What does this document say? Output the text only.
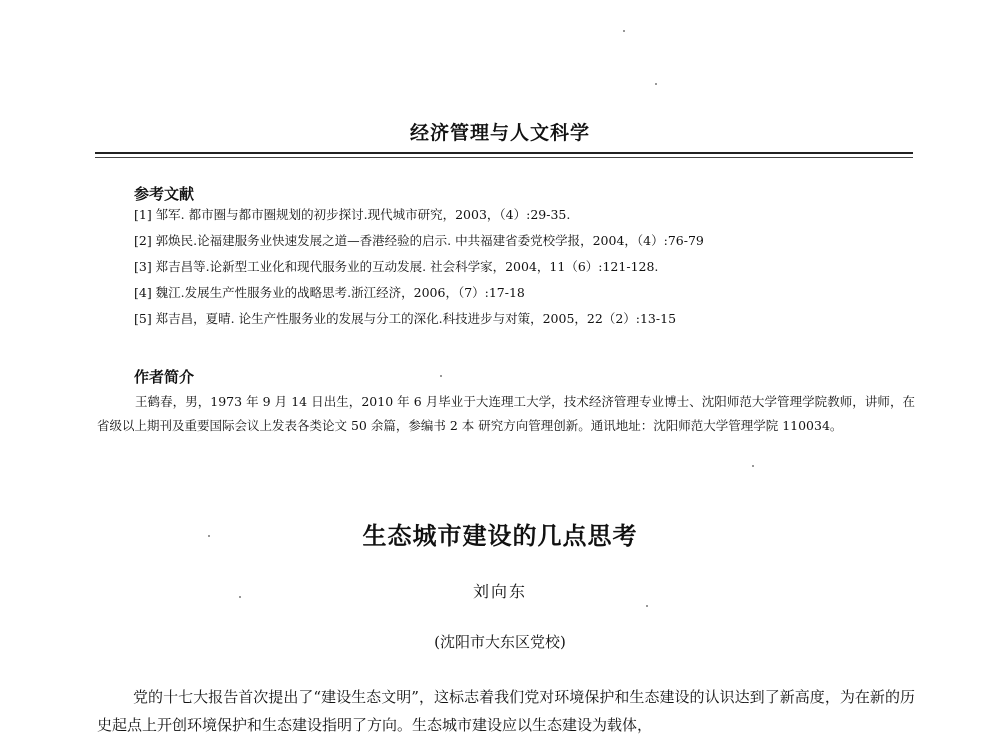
经济管理与人文科学
参考文献
[1] 邹军. 都市圈与都市圈规划的初步探讨.现代城市研究，2003，（4）:29-35.
[2] 郭焕民.论福建服务业快速发展之道—香港经验的启示. 中共福建省委党校学报，2004，（4）:76-79
[3] 郑吉昌等.论新型工业化和现代服务业的互动发展. 社会科学家，2004，11（6）:121-128.
[4] 魏江.发展生产性服务业的战略思考.浙江经济，2006，（7）:17-18
[5] 郑吉昌，夏晴. 论生产性服务业的发展与分工的深化.科技进步与对策，2005，22（2）:13-15
作者简介

王鹤春，男，1973 年 9 月 14 日出生，2010 年 6 月毕业于大连理工大学，技术经济管理专业博士、沈阳师范大学管理学院教师，讲师，在省级以上期刊及重要国际会议上发表各类论文 50 余篇，参编书 2 本 研究方向管理创新。通讯地址：沈阳师范大学管理学院 110034。

生态城市建设的几点思考
刘向东
(沈阳市大东区党校)

党的十七大报告首次提出了“建设生态文明”，这标志着我们党对环境保护和生态建设的认识达到了新高度，为在新的历史起点上开创环境保护和生态建设指明了方向。生态城市建设应以生态建设为载体，
